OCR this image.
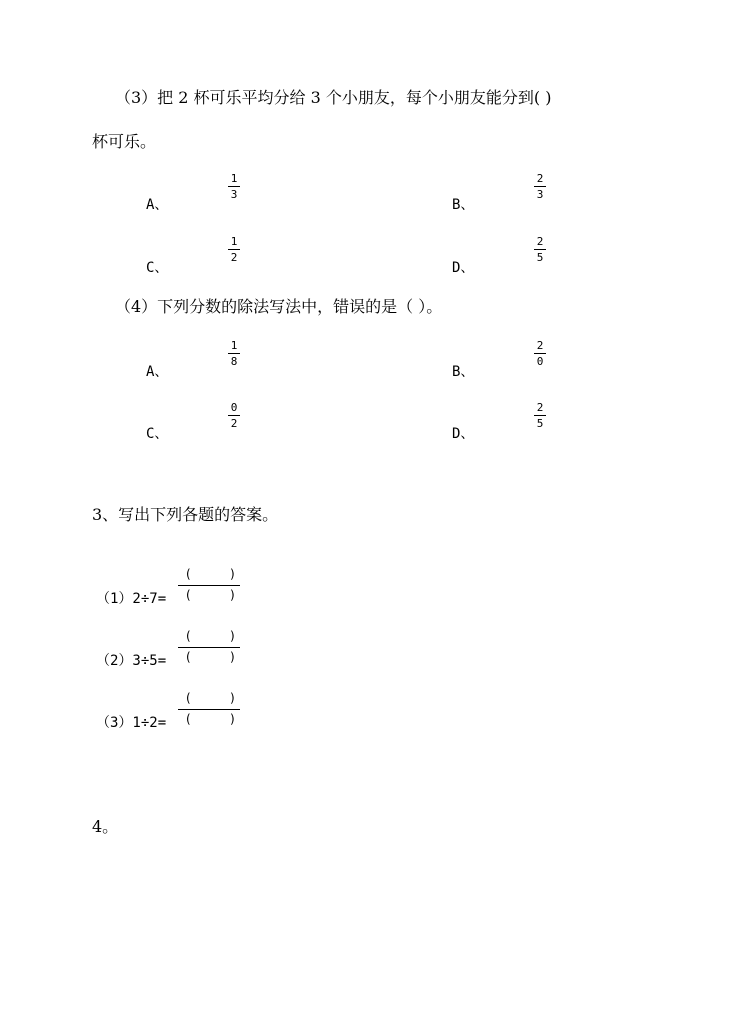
（3）把 2 杯可乐平均分给 3 个小朋友，每个小朋友能分到( )
杯可乐。
A、
1
3
B、
2
3
C、
1
2
D、
2
5
（4）下列分数的除法写法中，错误的是（ ）。
A、
1
8
B、
2
0
C、
0
2
D、
2
5
3、写出下列各题的答案。
（1）2÷7=
(	)
(	)
（2）3÷5=
(	)
(	)
（3）1÷2=
(	)
(	)
4。
